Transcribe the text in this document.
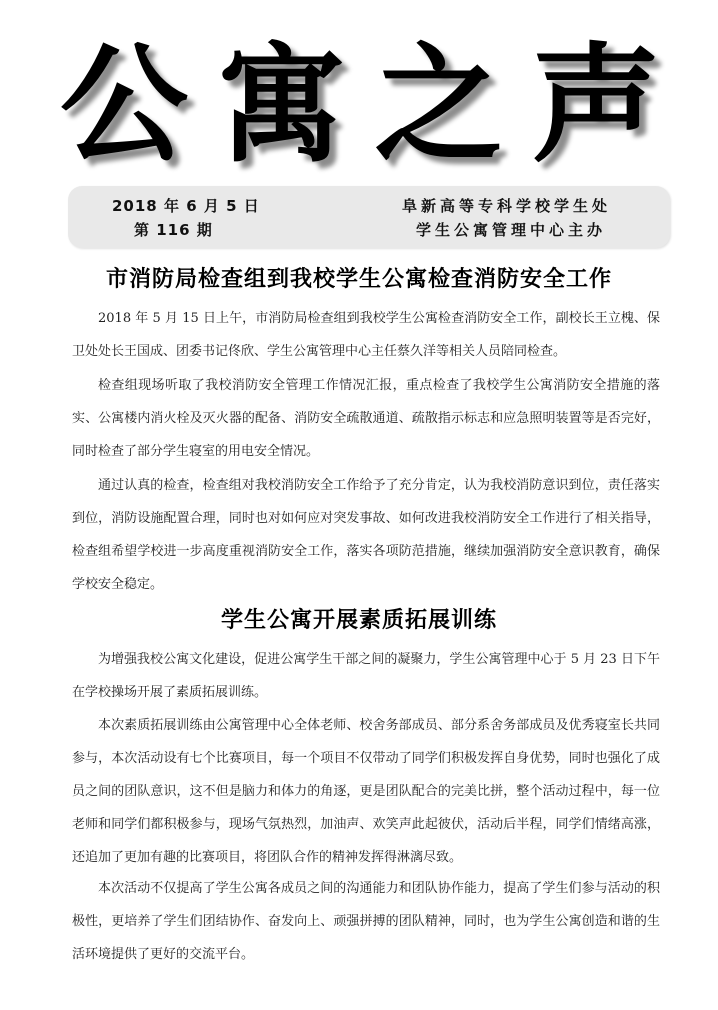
公 寓 之 声
2018 年 6 月 5 日
第 116 期
阜新高等专科学校学生处
学生公寓管理中心主办
市消防局检查组到我校学生公寓检查消防安全工作

2018 年 5 月 15 日上午，市消防局检查组到我校学生公寓检查消防安全工作，副校长王立槐、保卫处处长王国成、团委书记佟欣、学生公寓管理中心主任蔡久洋等相关人员陪同检查。

检查组现场听取了我校消防安全管理工作情况汇报，重点检查了我校学生公寓消防安全措施的落实、公寓楼内消火栓及灭火器的配备、消防安全疏散通道、疏散指示标志和应急照明装置等是否完好，同时检查了部分学生寝室的用电安全情况。

通过认真的检查，检查组对我校消防安全工作给予了充分肯定，认为我校消防意识到位，责任落实到位，消防设施配置合理，同时也对如何应对突发事故、如何改进我校消防安全工作进行了相关指导，检查组希望学校进一步高度重视消防安全工作，落实各项防范措施，继续加强消防安全意识教育，确保学校安全稳定。

学生公寓开展素质拓展训练

为增强我校公寓文化建设，促进公寓学生干部之间的凝聚力，学生公寓管理中心于 5 月 23 日下午在学校操场开展了素质拓展训练。

本次素质拓展训练由公寓管理中心全体老师、校舍务部成员、部分系舍务部成员及优秀寝室长共同参与，本次活动设有七个比赛项目，每一个项目不仅带动了同学们积极发挥自身优势，同时也强化了成员之间的团队意识，这不但是脑力和体力的角逐，更是团队配合的完美比拼，整个活动过程中，每一位老师和同学们都积极参与，现场气氛热烈，加油声、欢笑声此起彼伏，活动后半程，同学们情绪高涨，还追加了更加有趣的比赛项目，将团队合作的精神发挥得淋漓尽致。

本次活动不仅提高了学生公寓各成员之间的沟通能力和团队协作能力，提高了学生们参与活动的积极性，更培养了学生们团结协作、奋发向上、顽强拼搏的团队精神，同时，也为学生公寓创造和谐的生活环境提供了更好的交流平台。
